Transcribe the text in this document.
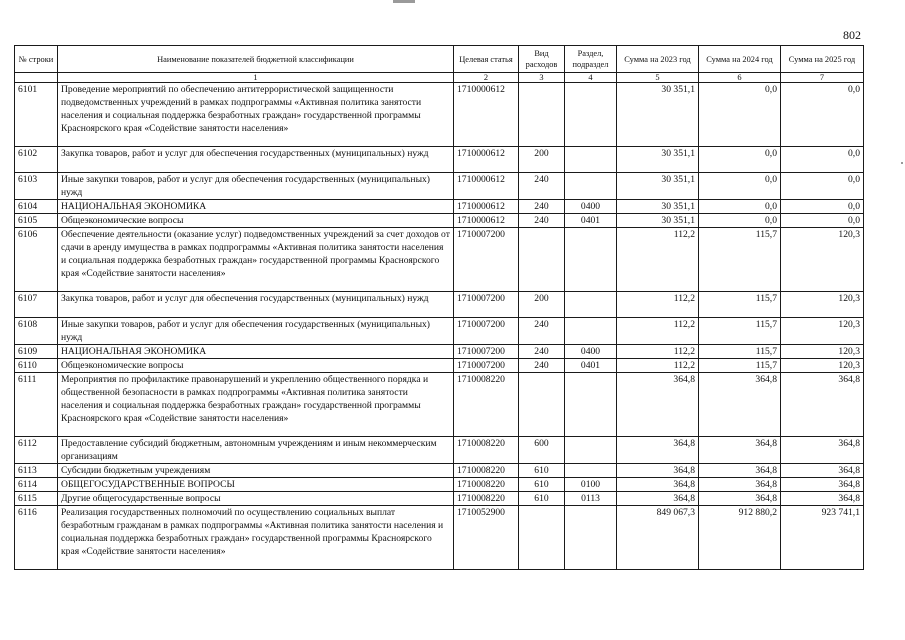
802
№ строки	Наименование показателей бюджетной классификации	Целевая статья	Вид расходов	Раздел, подраздел	Сумма на 2023 год	Сумма на 2024 год	Сумма на 2025 год
	1	2	3	4	5	6	7
6101	Проведение мероприятий по обеспечению антитеррористической защищенности подведомственных учреждений в рамках подпрограммы «Активная политика занятости населения и социальная поддержка безработных граждан» государственной программы Красноярского края «Содействие занятости населения»	1710000612			30 351,1	0,0	0,0
6102	Закупка товаров, работ и услуг для обеспечения государственных (муниципальных) нужд	1710000612	200		30 351,1	0,0	0,0
6103	Иные закупки товаров, работ и услуг для обеспечения государственных (муниципальных) нужд	1710000612	240		30 351,1	0,0	0,0
6104	НАЦИОНАЛЬНАЯ ЭКОНОМИКА	1710000612	240	0400	30 351,1	0,0	0,0
6105	Общеэкономические вопросы	1710000612	240	0401	30 351,1	0,0	0,0
6106	Обеспечение деятельности (оказание услуг) подведомственных учреждений за счет доходов от сдачи в аренду имущества в рамках подпрограммы «Активная политика занятости населения и социальная поддержка безработных граждан» государственной программы Красноярского края «Содействие занятости населения»	1710007200			112,2	115,7	120,3
6107	Закупка товаров, работ и услуг для обеспечения государственных (муниципальных) нужд	1710007200	200		112,2	115,7	120,3
6108	Иные закупки товаров, работ и услуг для обеспечения государственных (муниципальных) нужд	1710007200	240		112,2	115,7	120,3
6109	НАЦИОНАЛЬНАЯ ЭКОНОМИКА	1710007200	240	0400	112,2	115,7	120,3
6110	Общеэкономические вопросы	1710007200	240	0401	112,2	115,7	120,3
6111	Мероприятия по профилактике правонарушений и укреплению общественного порядка и общественной безопасности в рамках подпрограммы «Активная политика занятости населения и социальная поддержка безработных граждан» государственной программы Красноярского края «Содействие занятости населения»	1710008220			364,8	364,8	364,8
6112	Предоставление субсидий бюджетным, автономным учреждениям и иным некоммерческим организациям	1710008220	600		364,8	364,8	364,8
6113	Субсидии бюджетным учреждениям	1710008220	610		364,8	364,8	364,8
6114	ОБЩЕГОСУДАРСТВЕННЫЕ ВОПРОСЫ	1710008220	610	0100	364,8	364,8	364,8
6115	Другие общегосударственные вопросы	1710008220	610	0113	364,8	364,8	364,8
6116	Реализация государственных полномочий по осуществлению социальных выплат безработным гражданам в рамках подпрограммы «Активная политика занятости населения и социальная поддержка безработных граждан» государственной программы Красноярского края «Содействие занятости населения»	1710052900			849 067,3	912 880,2	923 741,1
